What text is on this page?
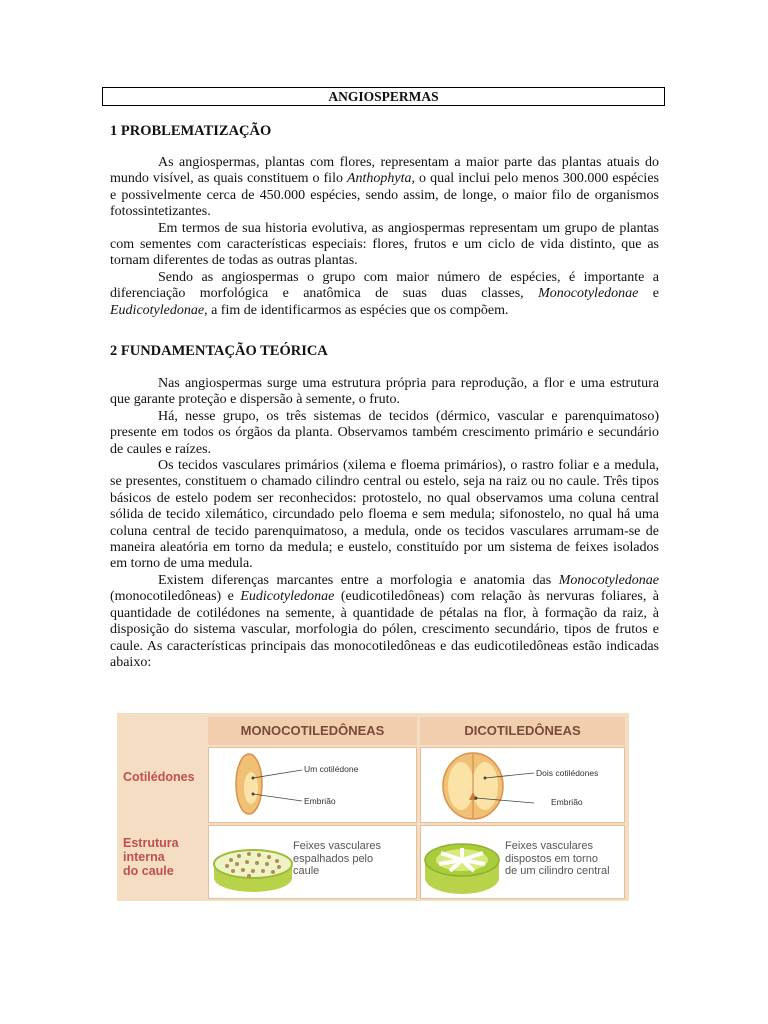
ANGIOSPERMAS
1 PROBLEMATIZAÇÃO

As angiospermas, plantas com flores, representam a maior parte das plantas atuais do mundo visível, as quais constituem o filo Anthophyta, o qual inclui pelo menos 300.000 espécies e possivelmente cerca de 450.000 espécies, sendo assim, de longe, o maior filo de organismos fotossintetizantes.

Em termos de sua historia evolutiva, as angiospermas representam um grupo de plantas com sementes com características especiais: flores, frutos e um ciclo de vida distinto, que as tornam diferentes de todas as outras plantas.

Sendo as angiospermas o grupo com maior número de espécies, é importante a diferenciação morfológica e anatômica de suas duas classes, Monocotyledonae e Eudicotyledonae, a fim de identificarmos as espécies que os compõem.

2 FUNDAMENTAÇÃO TEÓRICA

Nas angiospermas surge uma estrutura própria para reprodução, a flor e uma estrutura que garante proteção e dispersão à semente, o fruto.

Há, nesse grupo, os três sistemas de tecidos (dérmico, vascular e parenquimatoso) presente em todos os órgãos da planta. Observamos também crescimento primário e secundário de caules e raízes.

Os tecidos vasculares primários (xilema e floema primários), o rastro foliar e a medula, se presentes, constituem o chamado cilindro central ou estelo, seja na raiz ou no caule. Três tipos básicos de estelo podem ser reconhecidos: protostelo, no qual observamos uma coluna central sólida de tecido xilemático, circundado pelo floema e sem medula; sifonostelo, no qual há uma coluna central de tecido parenquimatoso, a medula, onde os tecidos vasculares arrumam-se de maneira aleatória em torno da medula; e eustelo, constituído por um sistema de feixes isolados em torno de uma medula.

Existem diferenças marcantes entre a morfologia e anatomia das Monocotyledonae (monocotiledôneas) e Eudicotyledonae (eudicotiledôneas) com relação às nervuras foliares, à quantidade de cotilédones na semente, à quantidade de pétalas na flor, à formação da raiz, à disposição do sistema vascular, morfologia do pólen, crescimento secundário, tipos de frutos e caule. As características principais das monocotiledôneas e das eudicotiledôneas estão indicadas abaixo:

MONOCOTILEDÔNEAS	DICOTILEDÔNEAS
Cotilédones
Estrutura
interna
do caule
Um cotilédone
Embrião
Dois cotilédones
Embrião
Feixes vasculares
espalhados pelo
caule
Feixes vasculares
dispostos em torno
de um cilindro central
